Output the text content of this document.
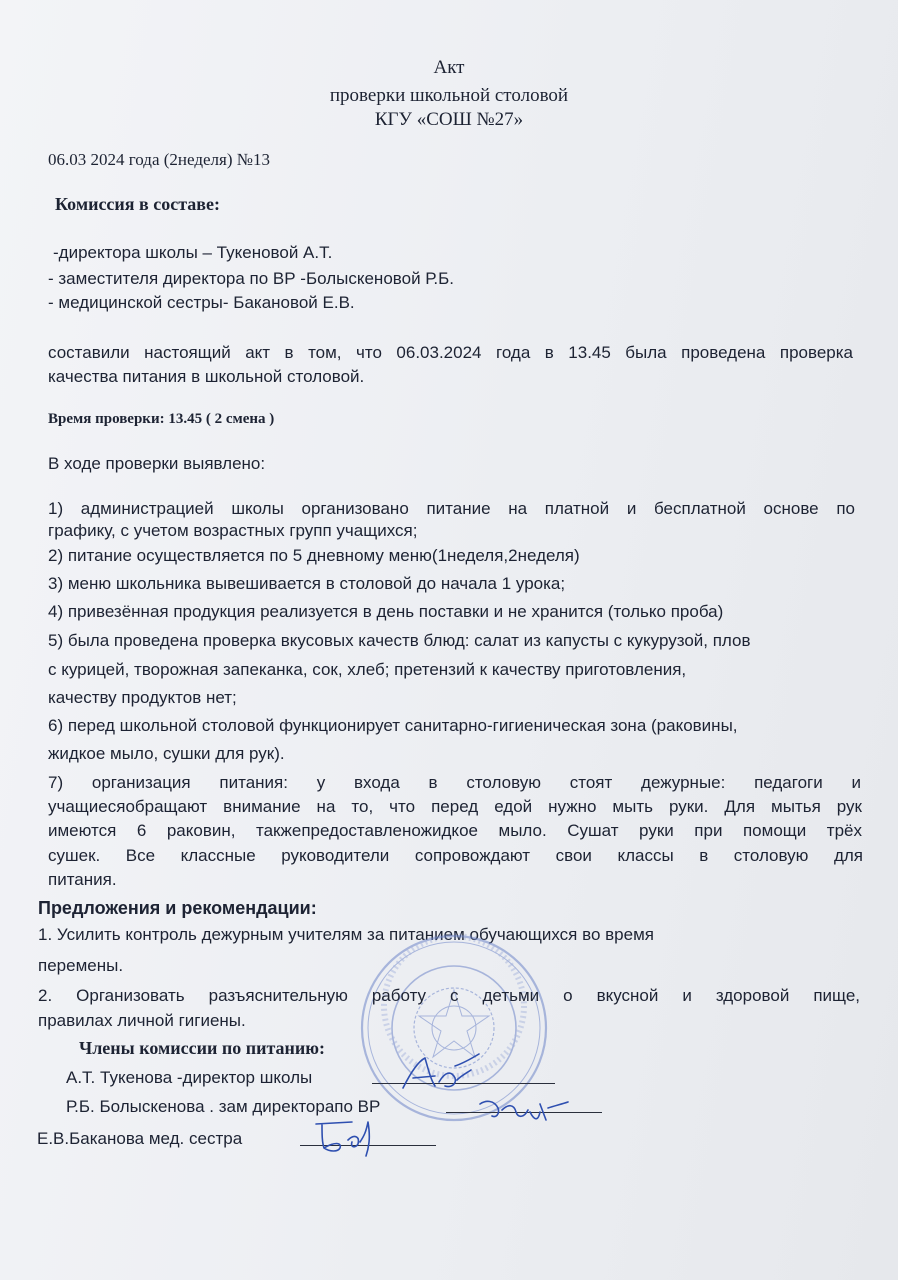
Акт
проверки школьной столовой
КГУ «СОШ №27»
06.03 2024 года (2неделя) №13
Комиссия в составе:
-директора школы – Тукеновой А.Т.
- заместителя директора по ВР -Болыскеновой Р.Б.
- медицинской сестры- Бакановой Е.В.
составили настоящий акт в том, что 06.03.2024 года в 13.45 была проведена проверка
качества питания в школьной столовой.
Время проверки: 13.45 ( 2 смена )
В ходе проверки выявлено:
1) администрацией школы организовано питание на платной и бесплатной основе по
графику, с учетом возрастных групп учащихся;
2) питание осуществляется по 5 дневному меню(1неделя,2неделя)
3) меню школьника вывешивается в столовой до начала 1 урока;
4) привезённая продукция реализуется в день поставки и не хранится (только проба)
5) была проведена проверка вкусовых качеств блюд: салат из капусты с кукурузой, плов
с курицей, творожная запеканка, сок, хлеб; претензий к качеству приготовления,
качеству продуктов нет;
6) перед школьной столовой функционирует санитарно-гигиеническая зона (раковины,
жидкое мыло, сушки для рук).
7) организация питания: у входа в столовую стоят дежурные: педагоги и
учащиесяобращают внимание на то, что перед едой нужно мыть руки. Для мытья рук
имеются 6 раковин, такжепредоставленожидкое мыло. Сушат руки при помощи трёх
сушек. Все классные руководители сопровождают свои классы в столовую для
питания.
Предложения и рекомендации:
1. Усилить контроль дежурным учителям за питанием обучающихся во время
перемены.
2. Организовать разъяснительную работу с детьми о вкусной и здоровой пище,
правилах личной гигиены.
Члены комиссии по питанию:
А.Т. Тукенова -директор школы
Р.Б. Болыскенова . зам директорапо ВР
Е.В.Баканова мед. сестра
